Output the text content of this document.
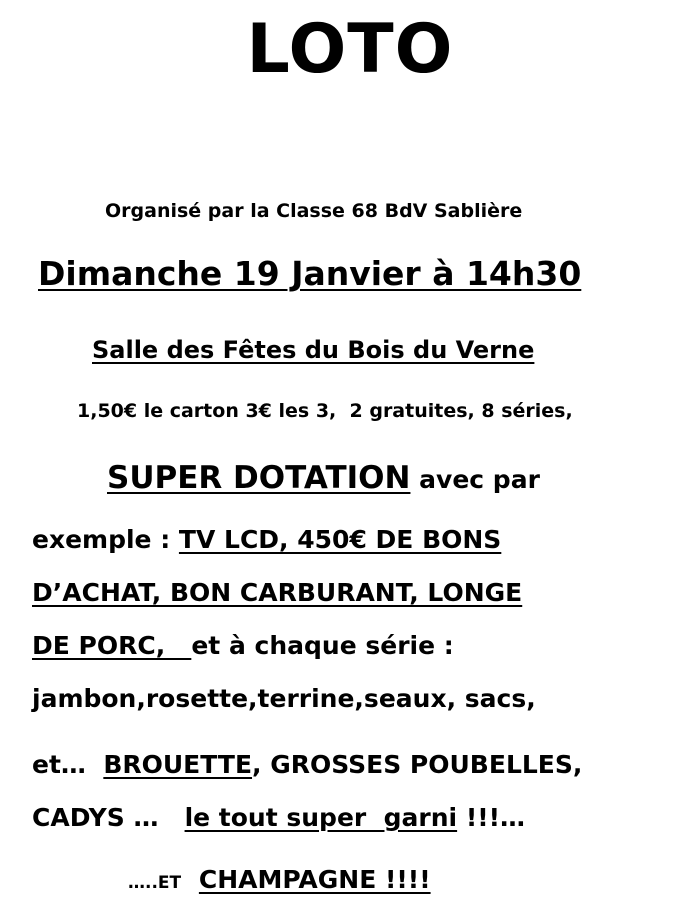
LOTO
Organisé par la Classe 68 BdV Sablière
Dimanche 19 Janvier à 14h30
Salle des Fêtes du Bois du Verne
1,50€ le carton 3€ les 3,  2 gratuites, 8 séries,
SUPER DOTATION avec par
exemple : TV LCD, 450€ DE BONS
D’ACHAT, BON CARBURANT, LONGE
DE PORC,   et à chaque série :
jambon,rosette,terrine,seaux, sacs,
et…  BROUETTE, GROSSES POUBELLES,
CADYS …   le tout super  garni !!!…
…..ET   CHAMPAGNE !!!!
